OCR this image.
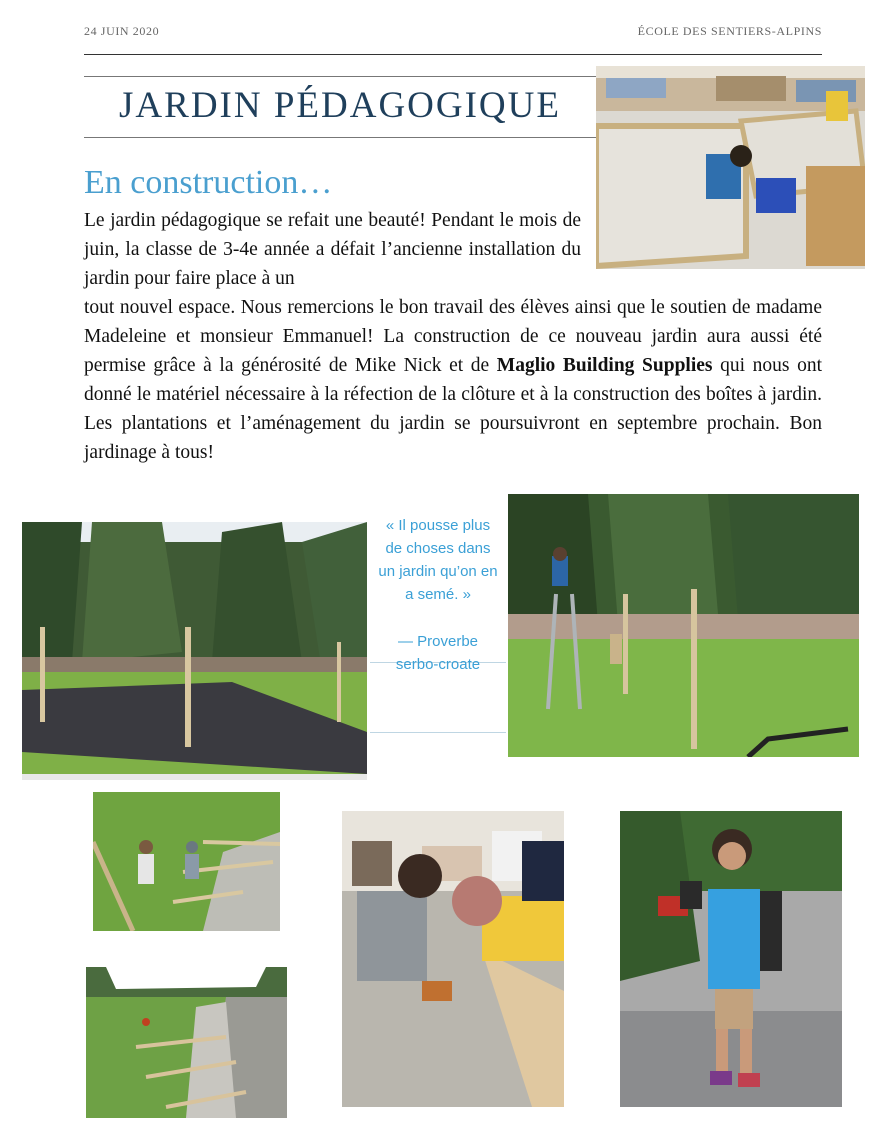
24 JUIN 2020	ÉCOLE DES SENTIERS-ALPINS
JARDIN PÉDAGOGIQUE
En construction…
Le jardin pédagogique se refait une beauté! Pendant le mois de juin, la classe de 3-4e année a défait l’ancienne installation du jardin pour faire place à un
tout nouvel espace. Nous remercions le bon travail des élèves ainsi que le soutien de madame Madeleine et monsieur Emmanuel! La construction de ce nouveau jardin aura aussi été permise grâce à la générosité de Mike Nick et de Maglio Building Supplies qui nous ont donné le matériel nécessaire à la réfection de la clôture et à la construction des boîtes à jardin. Les plantations et l’aménagement du jardin se poursuivront en septembre prochain. Bon jardinage à tous!
« Il pousse plus de choses dans un jardin qu’on en a semé. »
— Proverbe serbo-croate
